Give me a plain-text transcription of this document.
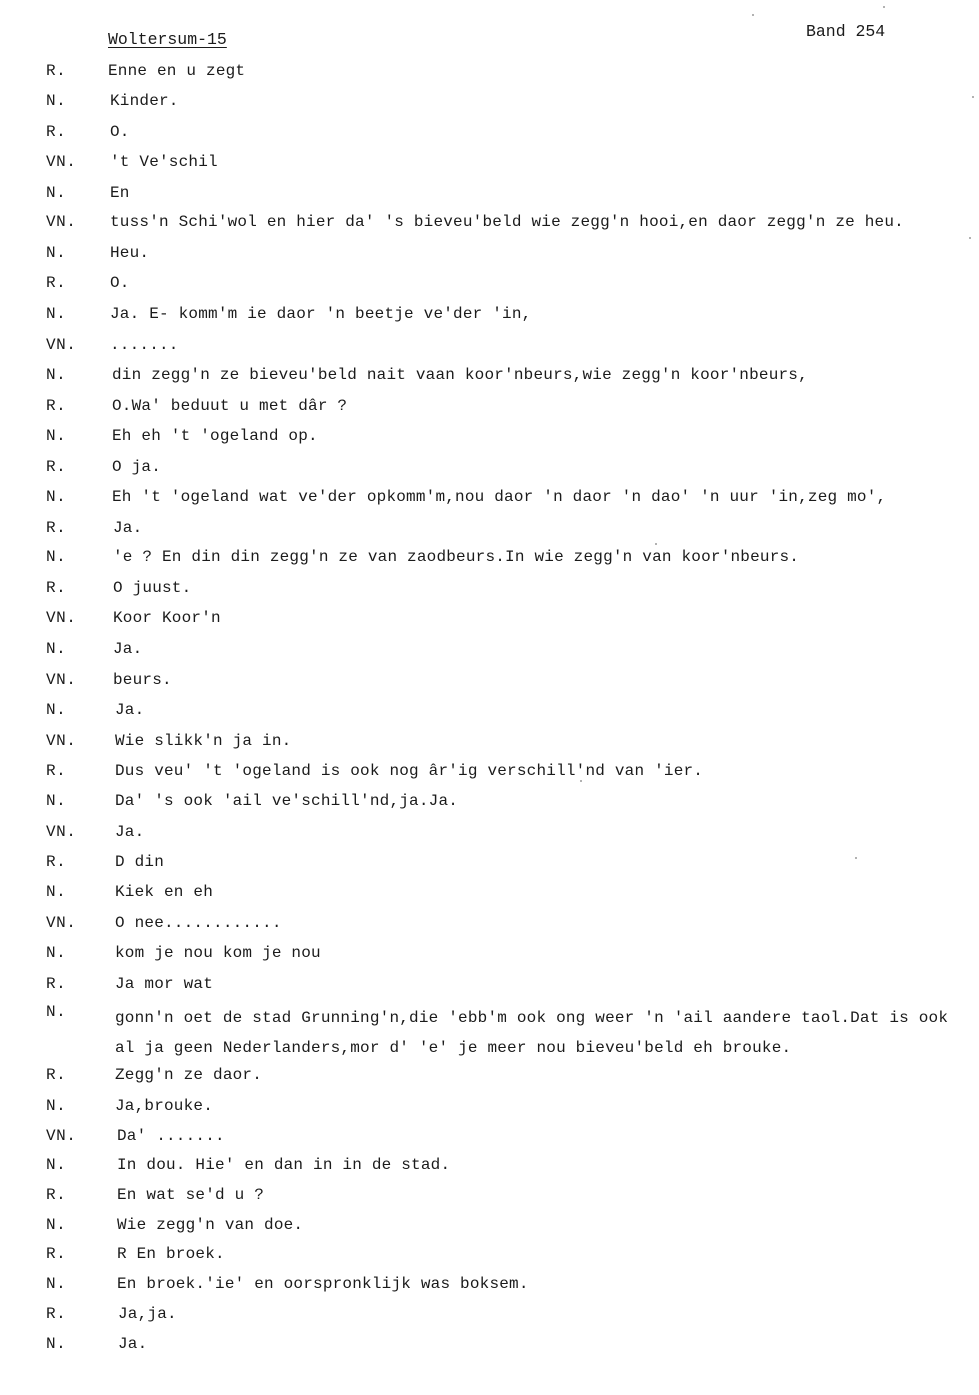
Woltersum-15	Band 254
R.	Enne en u zegt
N.	Kinder.
R.	O.
VN. 't Ve'schil
N.	En
VN. tuss'n Schi'wol en hier da' 's bieveu'beld wie zegg'n hooi,en daor zegg'n ze heu.
N.	Heu.
R.	O.
N.	Ja. E- komm'm ie daor 'n beetje ve'der 'in,
VN. .......
N.	din zegg'n ze bieveu'beld nait vaan koor'nbeurs,wie zegg'n koor'nbeurs,
R.	O.Wa' beduut u met dâr ?
N.	Eh eh 't 'ogeland op.
R.	O ja.
N.	Eh 't 'ogeland wat ve'der opkomm'm,nou daor 'n daor 'n dao' 'n uur 'in,zeg mo',
R.	Ja.
N.	'e ? En din din zegg'n ze van zaodbeurs.In wie zegg'n van koor'nbeurs.
R.	O juust.
VN. Koor Koor'n
N.	Ja.
VN. beurs.
N.	Ja.
VN. Wie slikk'n ja in.
R.	Dus veu' 't 'ogeland is ook nog âr'ig verschill'nd van 'ier.
N.	Da' 's ook 'ail ve'schill'nd,ja.Ja.
VN. Ja.
R.	D din
N.	Kiek en eh
VN. O nee............
N.	kom je nou kom je nou
R.	Ja mor wat
N.	gonn'n oet de stad Grunning'n,die 'ebb'm ook ong weer 'n 'ail aandere taol.Dat is ook al ja geen Nederlanders,mor d' 'e' je meer nou bieveu'beld eh brouke.
R.	Zegg'n ze daor.
N.	Ja,brouke.
VN.	Da' .......
N.	In dou. Hie' en dan in in de stad.
R.	En wat se'd u ?
N.	Wie zegg'n van doe.
R.	R En broek.
N.	En broek.'ie' en oorspronklijk was boksem.
R.	Ja,ja.
N.	Ja.
